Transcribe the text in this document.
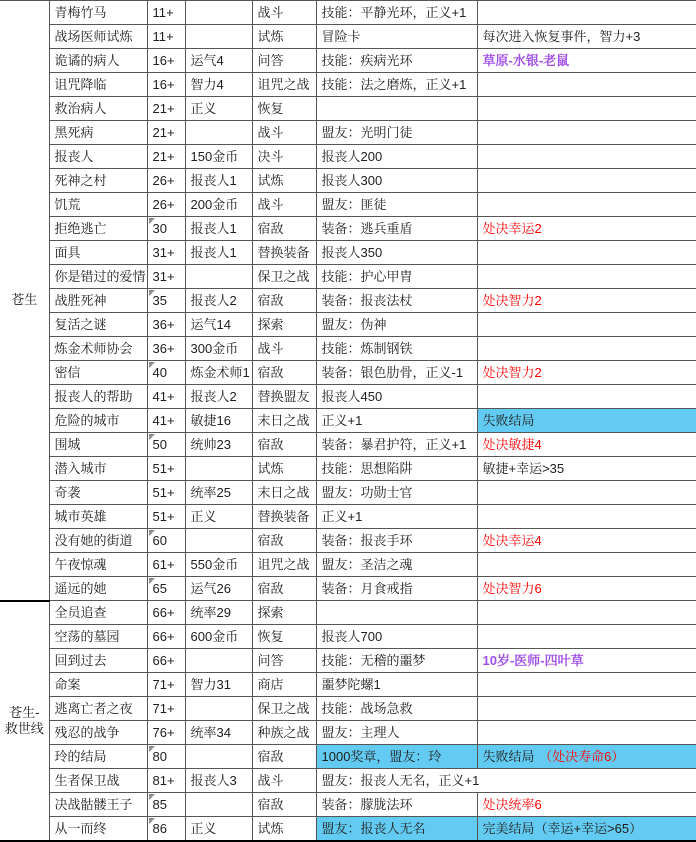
苍生	青梅竹马	11+		战斗	技能：平静光环，正义+1	
	战场医师试炼	11+		试炼	冒险卡	每次进入恢复事件，智力+3
	诡谲的病人	16+	运气4	问答	技能：疾病光环	草原-水银-老鼠
	诅咒降临	16+	智力4	诅咒之战	技能：法之磨炼，正义+1	
	救治病人	21+	正义	恢复		
	黑死病	21+		战斗	盟友：光明门徒	
	报丧人	21+	150金币	决斗	报丧人200	
	死神之村	26+	报丧人1	试炼	报丧人300	
	饥荒	26+	200金币	战斗	盟友：匪徒	
	拒绝逃亡	30	报丧人1	宿敌	装备：逃兵重盾	处决幸运2
	面具	31+	报丧人1	替换装备	报丧人350	
	你是错过的爱情	31+		保卫之战	技能：护心甲胄	
	战胜死神	35	报丧人2	宿敌	装备：报丧法杖	处决智力2
	复活之谜	36+	运气14	探索	盟友：伪神	
	炼金术师协会	36+	300金币	战斗	技能：炼制钢铁	
	密信	40	炼金术师1	宿敌	装备：银色肋骨，正义-1	处决智力2
	报丧人的帮助	41+	报丧人2	替换盟友	报丧人450	
	危险的城市	41+	敏捷16	末日之战	正义+1	失败结局
	围城	50	统帅23	宿敌	装备：暴君护符，正义+1	处决敏捷4
	潜入城市	51+		试炼	技能：思想陷阱	敏捷+幸运>35
	奇袭	51+	统率25	末日之战	盟友：功勋士官	
	城市英雄	51+	正义	替换装备	正义+1	
	没有她的街道	60		宿敌	装备：报丧手环	处决幸运4
	午夜惊魂	61+	550金币	诅咒之战	盟友：圣洁之魂	
	遥远的她	65	运气26	宿敌	装备：月食戒指	处决智力6

苍生-
救世线	全员追查	66+	统率29	探索		
	空荡的墓园	66+	600金币	恢复	报丧人700	
	回到过去	66+		问答	技能：无稽的噩梦	10岁-医师-四叶草
	命案	71+	智力31	商店	噩梦陀螺1	
	逃离亡者之夜	71+		保卫之战	技能：战场急救	
	残忍的战争	76+	统率34	种族之战	盟友：主理人	
	玲的结局	80		宿敌	1000奖章，盟友：玲	失败结局 （处决寿命6）
	生者保卫战	81+	报丧人3	战斗	盟友：报丧人无名，正义+1	
	决战骷髅王子	85		宿敌	装备：朦胧法环	处决统率6
	从一而终	86	正义	试炼	盟友：报丧人无名	完美结局（幸运+幸运>65）
